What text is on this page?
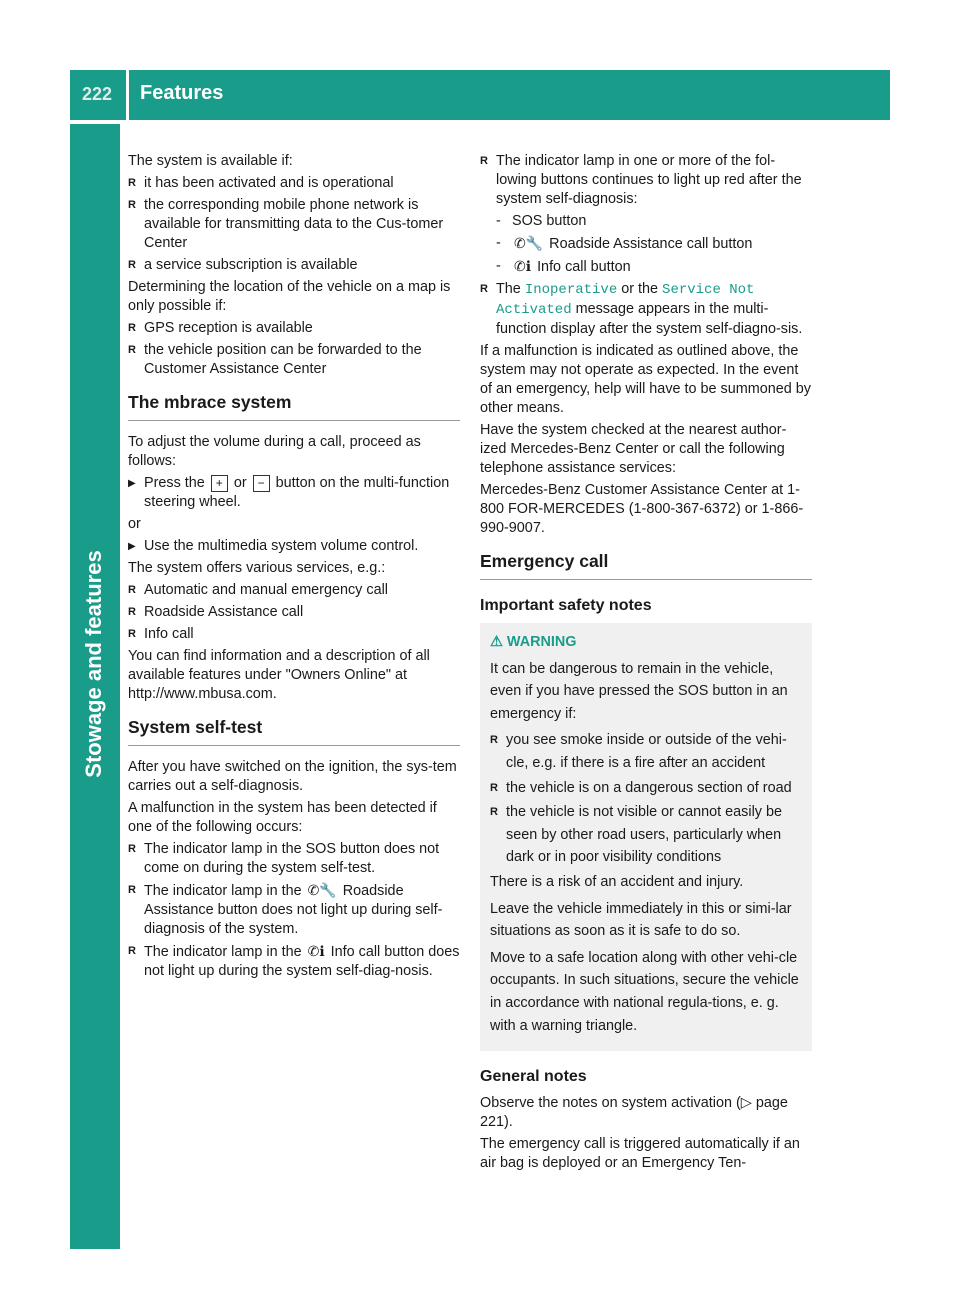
222 Features
Stowage and features

The system is available if:

R it has been activated and is operational
R the corresponding mobile phone network is available for transmitting data to the Cus-tomer Center
R a service subscription is available

Determining the location of the vehicle on a map is only possible if:

R GPS reception is available
R the vehicle position can be forwarded to the Customer Assistance Center
The mbrace system

To adjust the volume during a call, proceed as follows:

▶ Press the + or − button on the multi-function steering wheel.

or

▶ Use the multimedia system volume control.

The system offers various services, e.g.:

R Automatic and manual emergency call
R Roadside Assistance call
R Info call

You can find information and a description of all available features under "Owners Online" at http://www.mbusa.com.

System self-test

After you have switched on the ignition, the sys-tem carries out a self-diagnosis.

A malfunction in the system has been detected if one of the following occurs:

R The indicator lamp in the SOS button does not come on during the system self-test.
R The indicator lamp in the ✆🔧 Roadside Assistance button does not light up during self-diagnosis of the system.
R The indicator lamp in the ✆ℹ Info call button does not light up during the system self-diag-nosis.
R The indicator lamp in one or more of the fol-lowing buttons continues to light up red after the system self-diagnosis:
- SOS button
- ✆🔧 Roadside Assistance call button
- ✆ℹ Info call button
R The Inoperative or the Service Not Activated message appears in the multi-function display after the system self-diagno-sis.

If a malfunction is indicated as outlined above, the system may not operate as expected. In the event of an emergency, help will have to be summoned by other means.

Have the system checked at the nearest author-ized Mercedes-Benz Center or call the following telephone assistance services:

Mercedes-Benz Customer Assistance Center at 1-800 FOR-MERCEDES (1-800-367-6372) or 1-866-990-9007.

Emergency call
Important safety notes
⚠ WARNING

It can be dangerous to remain in the vehicle, even if you have pressed the SOS button in an emergency if:

R you see smoke inside or outside of the vehi-cle, e.g. if there is a fire after an accident
R the vehicle is on a dangerous section of road
R the vehicle is not visible or cannot easily be seen by other road users, particularly when dark or in poor visibility conditions

There is a risk of an accident and injury.

Leave the vehicle immediately in this or simi-lar situations as soon as it is safe to do so.

Move to a safe location along with other vehi-cle occupants. In such situations, secure the vehicle in accordance with national regula-tions, e. g. with a warning triangle.

General notes

Observe the notes on system activation (▷ page 221).

The emergency call is triggered automatically if an air bag is deployed or an Emergency Ten-
